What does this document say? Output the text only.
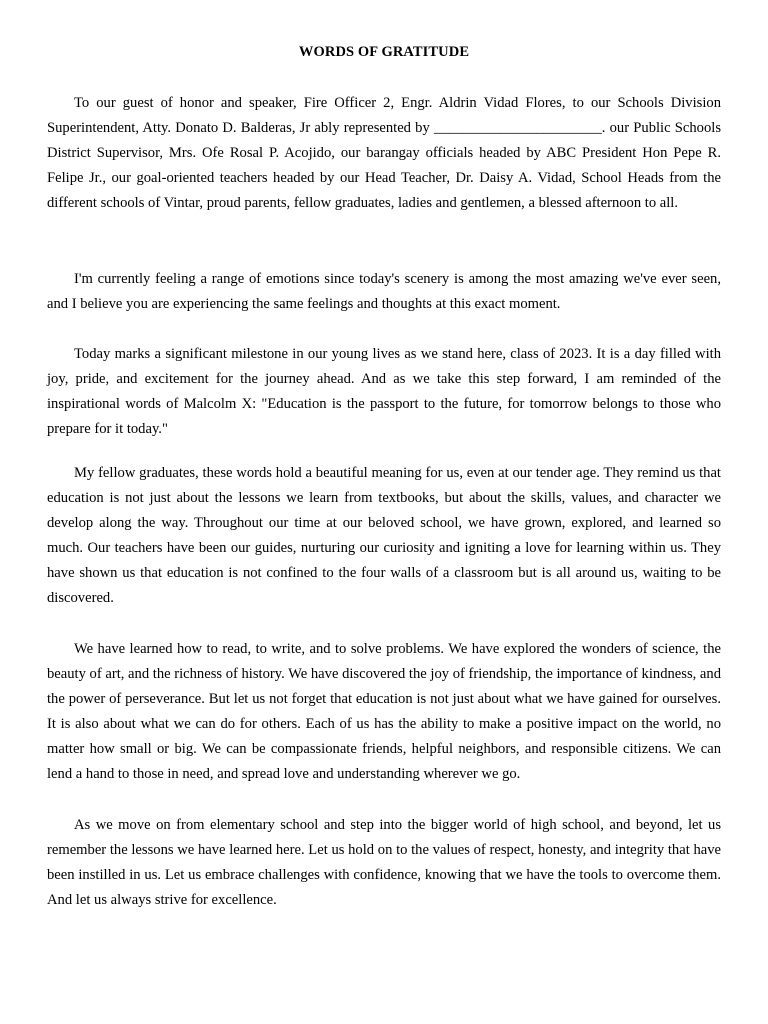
WORDS OF GRATITUDE

To our guest of honor and speaker, Fire Officer 2, Engr. Aldrin Vidad Flores, to our Schools Division Superintendent, Atty. Donato D. Balderas, Jr ably represented by _______________________. our Public Schools District Supervisor, Mrs. Ofe Rosal P. Acojido, our barangay officials headed by ABC President Hon Pepe R. Felipe Jr., our goal-oriented teachers headed by our Head Teacher, Dr. Daisy A. Vidad, School Heads from the different schools of Vintar, proud parents, fellow graduates, ladies and gentlemen, a blessed afternoon to all.

I'm currently feeling a range of emotions since today's scenery is among the most amazing we've ever seen, and I believe you are experiencing the same feelings and thoughts at this exact moment.

Today marks a significant milestone in our young lives as we stand here, class of 2023. It is a day filled with joy, pride, and excitement for the journey ahead. And as we take this step forward, I am reminded of the inspirational words of Malcolm X: "Education is the passport to the future, for tomorrow belongs to those who prepare for it today."

My fellow graduates, these words hold a beautiful meaning for us, even at our tender age. They remind us that education is not just about the lessons we learn from textbooks, but about the skills, values, and character we develop along the way. Throughout our time at our beloved school, we have grown, explored, and learned so much. Our teachers have been our guides, nurturing our curiosity and igniting a love for learning within us. They have shown us that education is not confined to the four walls of a classroom but is all around us, waiting to be discovered.

We have learned how to read, to write, and to solve problems. We have explored the wonders of science, the beauty of art, and the richness of history. We have discovered the joy of friendship, the importance of kindness, and the power of perseverance. But let us not forget that education is not just about what we have gained for ourselves. It is also about what we can do for others. Each of us has the ability to make a positive impact on the world, no matter how small or big. We can be compassionate friends, helpful neighbors, and responsible citizens. We can lend a hand to those in need, and spread love and understanding wherever we go.

As we move on from elementary school and step into the bigger world of high school, and beyond, let us remember the lessons we have learned here. Let us hold on to the values of respect, honesty, and integrity that have been instilled in us. Let us embrace challenges with confidence, knowing that we have the tools to overcome them. And let us always strive for excellence.
